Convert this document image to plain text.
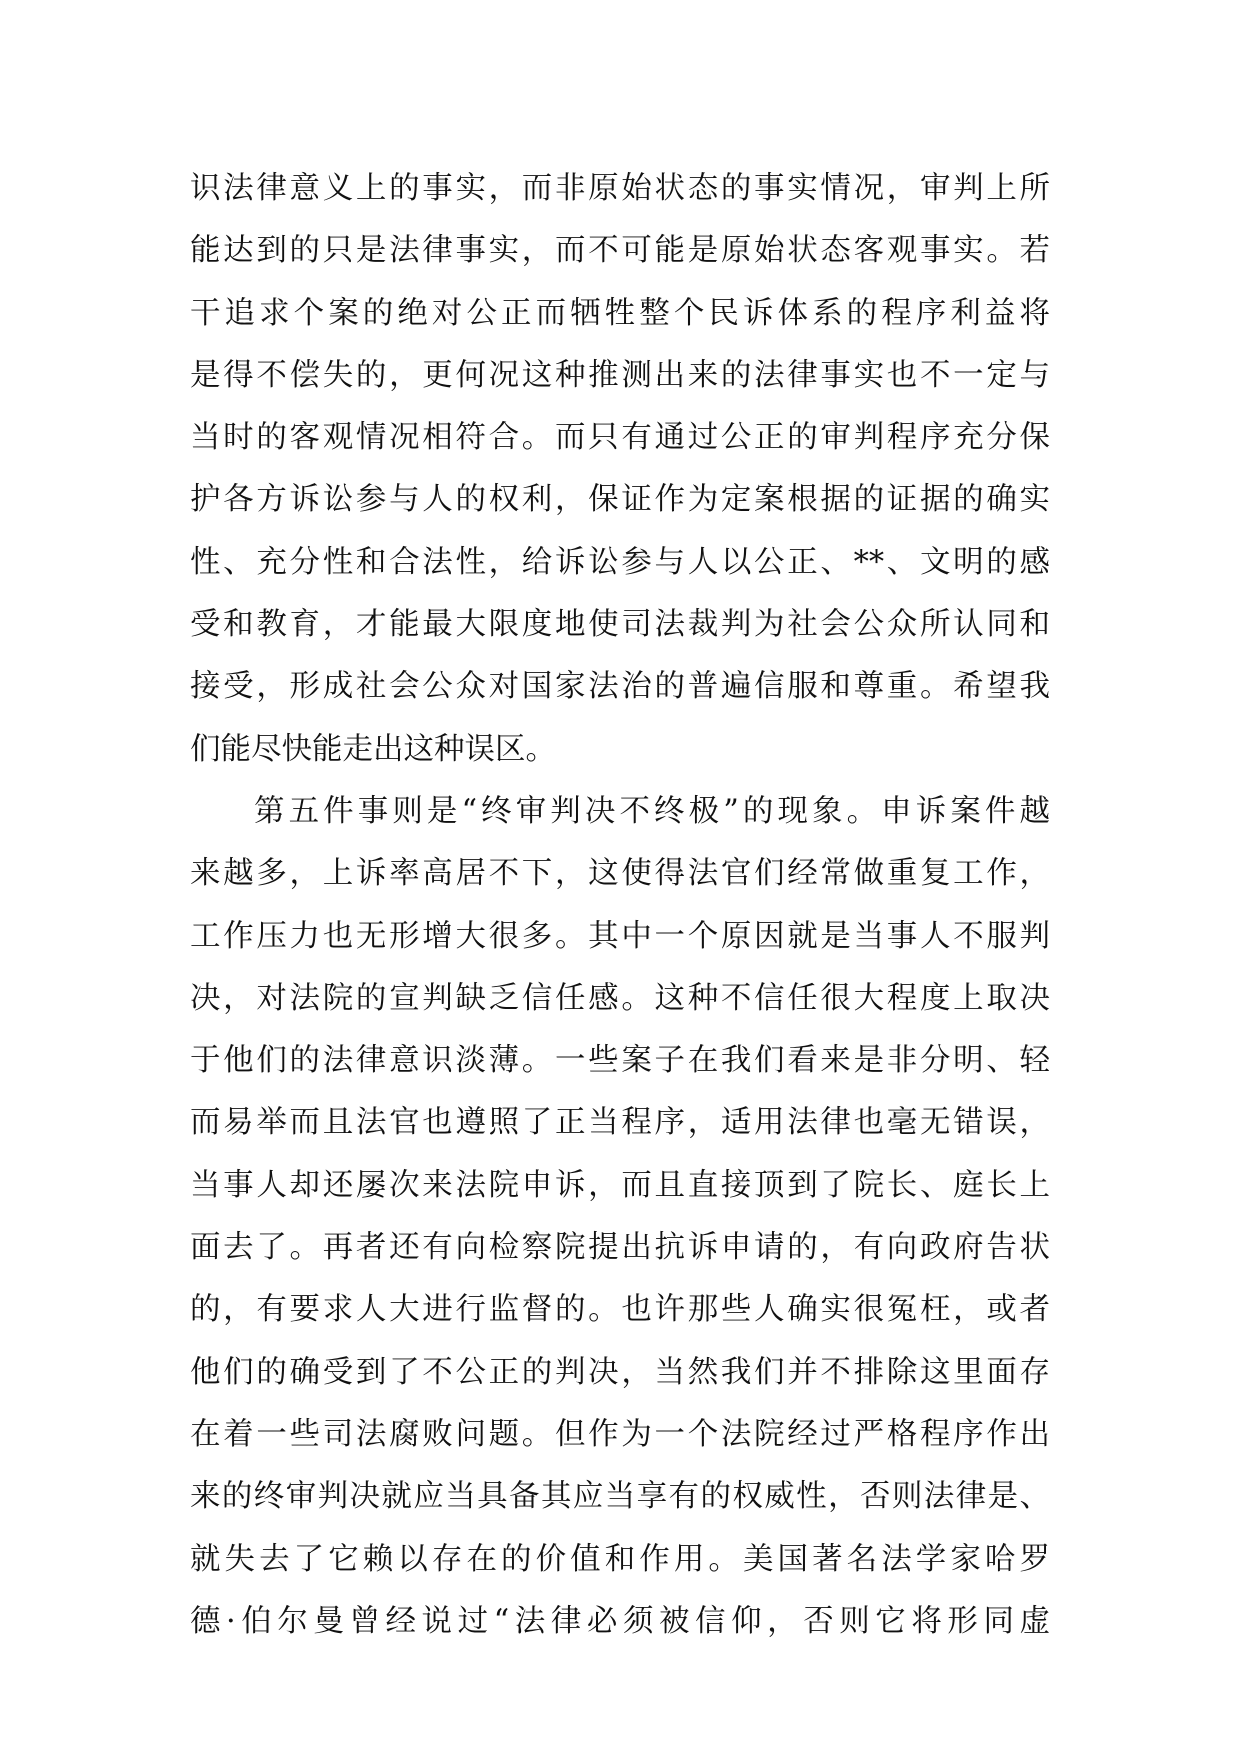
识法律意义上的事实，而非原始状态的事实情况，审判上所
能达到的只是法律事实，而不可能是原始状态客观事实。若
干追求个案的绝对公正而牺牲整个民诉体系的程序利益将
是得不偿失的，更何况这种推测出来的法律事实也不一定与
当时的客观情况相符合。而只有通过公正的审判程序充分保
护各方诉讼参与人的权利，保证作为定案根据的证据的确实
性、充分性和合法性，给诉讼参与人以公正、**、文明的感
受和教育，才能最大限度地使司法裁判为社会公众所认同和
接受，形成社会公众对国家法治的普遍信服和尊重。希望我
们能尽快能走出这种误区。
第五件事则是“终审判决不终极”的现象。申诉案件越
来越多，上诉率高居不下，这使得法官们经常做重复工作，
工作压力也无形增大很多。其中一个原因就是当事人不服判
决，对法院的宣判缺乏信任感。这种不信任很大程度上取决
于他们的法律意识淡薄。一些案子在我们看来是非分明、轻
而易举而且法官也遵照了正当程序，适用法律也毫无错误，
当事人却还屡次来法院申诉，而且直接顶到了院长、庭长上
面去了。再者还有向检察院提出抗诉申请的，有向政府告状
的，有要求人大进行监督的。也许那些人确实很冤枉，或者
他们的确受到了不公正的判决，当然我们并不排除这里面存
在着一些司法腐败问题。但作为一个法院经过严格程序作出
来的终审判决就应当具备其应当享有的权威性，否则法律是、
就失去了它赖以存在的价值和作用。美国著名法学家哈罗
德·伯尔曼曾经说过“法律必须被信仰，否则它将形同虚
